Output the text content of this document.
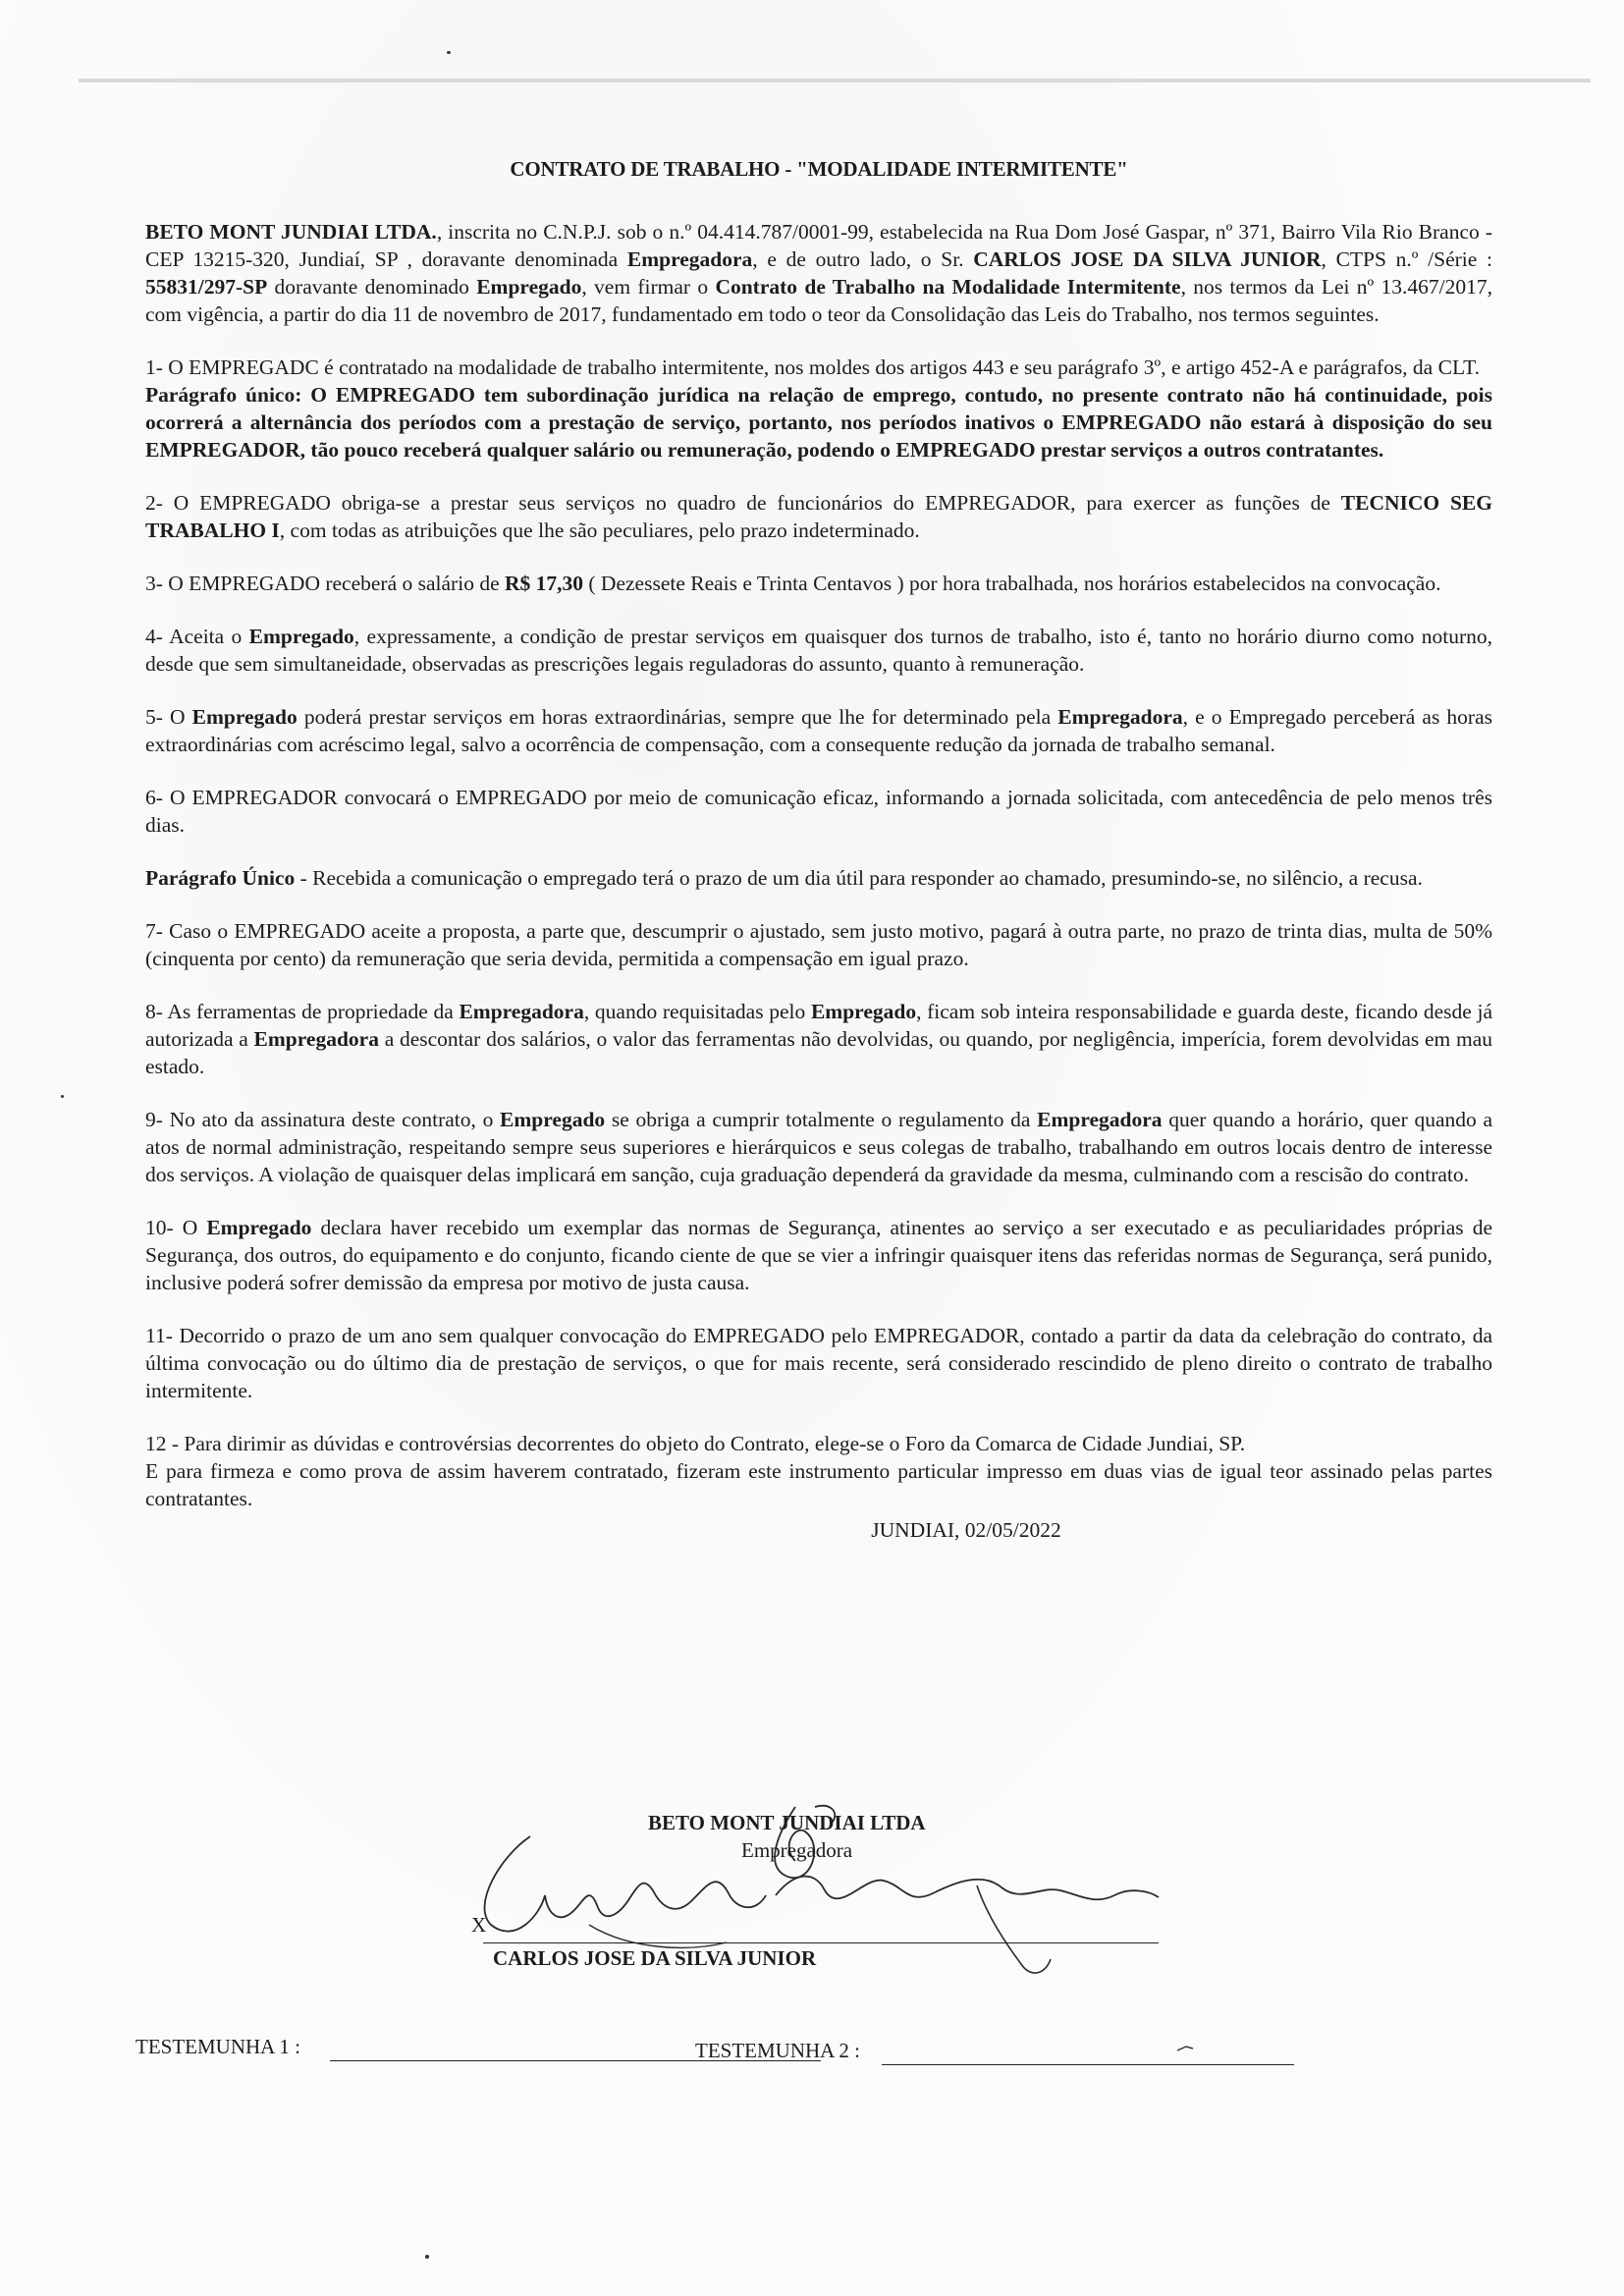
CONTRATO DE TRABALHO - "MODALIDADE INTERMITENTE"

BETO MONT JUNDIAI LTDA., inscrita no C.N.P.J. sob o n.º 04.414.787/0001-99, estabelecida na Rua Dom José Gaspar, nº 371, Bairro Vila Rio Branco - CEP 13215-320, Jundiaí, SP , doravante denominada Empregadora, e de outro lado, o Sr. CARLOS JOSE DA SILVA JUNIOR, CTPS n.º /Série : 55831/297-SP doravante denominado Empregado, vem firmar o Contrato de Trabalho na Modalidade Intermitente, nos termos da Lei nº 13.467/2017, com vigência, a partir do dia 11 de novembro de 2017, fundamentado em todo o teor da Consolidação das Leis do Trabalho, nos termos seguintes.

1- O EMPREGADC é contratado na modalidade de trabalho intermitente, nos moldes dos artigos 443 e seu parágrafo 3º, e artigo 452-A e parágrafos, da CLT.

Parágrafo único: O EMPREGADO tem subordinação jurídica na relação de emprego, contudo, no presente contrato não há continuidade, pois ocorrerá a alternância dos períodos com a prestação de serviço, portanto, nos períodos inativos o EMPREGADO não estará à disposição do seu EMPREGADOR, tão pouco receberá qualquer salário ou remuneração, podendo o EMPREGADO prestar serviços a outros contratantes.

2- O EMPREGADO obriga-se a prestar seus serviços no quadro de funcionários do EMPREGADOR, para exercer as funções de TECNICO SEG TRABALHO I, com todas as atribuições que lhe são peculiares, pelo prazo indeterminado.

3- O EMPREGADO receberá o salário de R$ 17,30 ( Dezessete Reais e Trinta Centavos ) por hora trabalhada, nos horários estabelecidos na convocação.

4- Aceita o Empregado, expressamente, a condição de prestar serviços em quaisquer dos turnos de trabalho, isto é, tanto no horário diurno como noturno, desde que sem simultaneidade, observadas as prescrições legais reguladoras do assunto, quanto à remuneração.

5- O Empregado poderá prestar serviços em horas extraordinárias, sempre que lhe for determinado pela Empregadora, e o Empregado perceberá as horas extraordinárias com acréscimo legal, salvo a ocorrência de compensação, com a consequente redução da jornada de trabalho semanal.

6- O EMPREGADOR convocará o EMPREGADO por meio de comunicação eficaz, informando a jornada solicitada, com antecedência de pelo menos três dias.

Parágrafo Único - Recebida a comunicação o empregado terá o prazo de um dia útil para responder ao chamado, presumindo-se, no silêncio, a recusa.

7- Caso o EMPREGADO aceite a proposta, a parte que, descumprir o ajustado, sem justo motivo, pagará à outra parte, no prazo de trinta dias, multa de 50% (cinquenta por cento) da remuneração que seria devida, permitida a compensação em igual prazo.

8- As ferramentas de propriedade da Empregadora, quando requisitadas pelo Empregado, ficam sob inteira responsabilidade e guarda deste, ficando desde já autorizada a Empregadora a descontar dos salários, o valor das ferramentas não devolvidas, ou quando, por negligência, imperícia, forem devolvidas em mau estado.

9- No ato da assinatura deste contrato, o Empregado se obriga a cumprir totalmente o regulamento da Empregadora quer quando a horário, quer quando a atos de normal administração, respeitando sempre seus superiores e hierárquicos e seus colegas de trabalho, trabalhando em outros locais dentro de interesse dos serviços. A violação de quaisquer delas implicará em sanção, cuja graduação dependerá da gravidade da mesma, culminando com a rescisão do contrato.

10- O Empregado declara haver recebido um exemplar das normas de Segurança, atinentes ao serviço a ser executado e as peculiaridades próprias de Segurança, dos outros, do equipamento e do conjunto, ficando ciente de que se vier a infringir quaisquer itens das referidas normas de Segurança, será punido, inclusive poderá sofrer demissão da empresa por motivo de justa causa.

11- Decorrido o prazo de um ano sem qualquer convocação do EMPREGADO pelo EMPREGADOR, contado a partir da data da celebração do contrato, da última convocação ou do último dia de prestação de serviços, o que for mais recente, será considerado rescindido de pleno direito o contrato de trabalho intermitente.

12 - Para dirimir as dúvidas e controvérsias decorrentes do objeto do Contrato, elege-se o Foro da Comarca de Cidade Jundiai, SP.

E para firmeza e como prova de assim haverem contratado, fizeram este instrumento particular impresso em duas vias de igual teor assinado pelas partes contratantes.

JUNDIAI, 02/05/2022

BETO MONT JUNDIAI LTDA
Empregadora
X
CARLOS JOSE DA SILVA JUNIOR
TESTEMUNHA 1 :	TESTEMUNHA 2 :
